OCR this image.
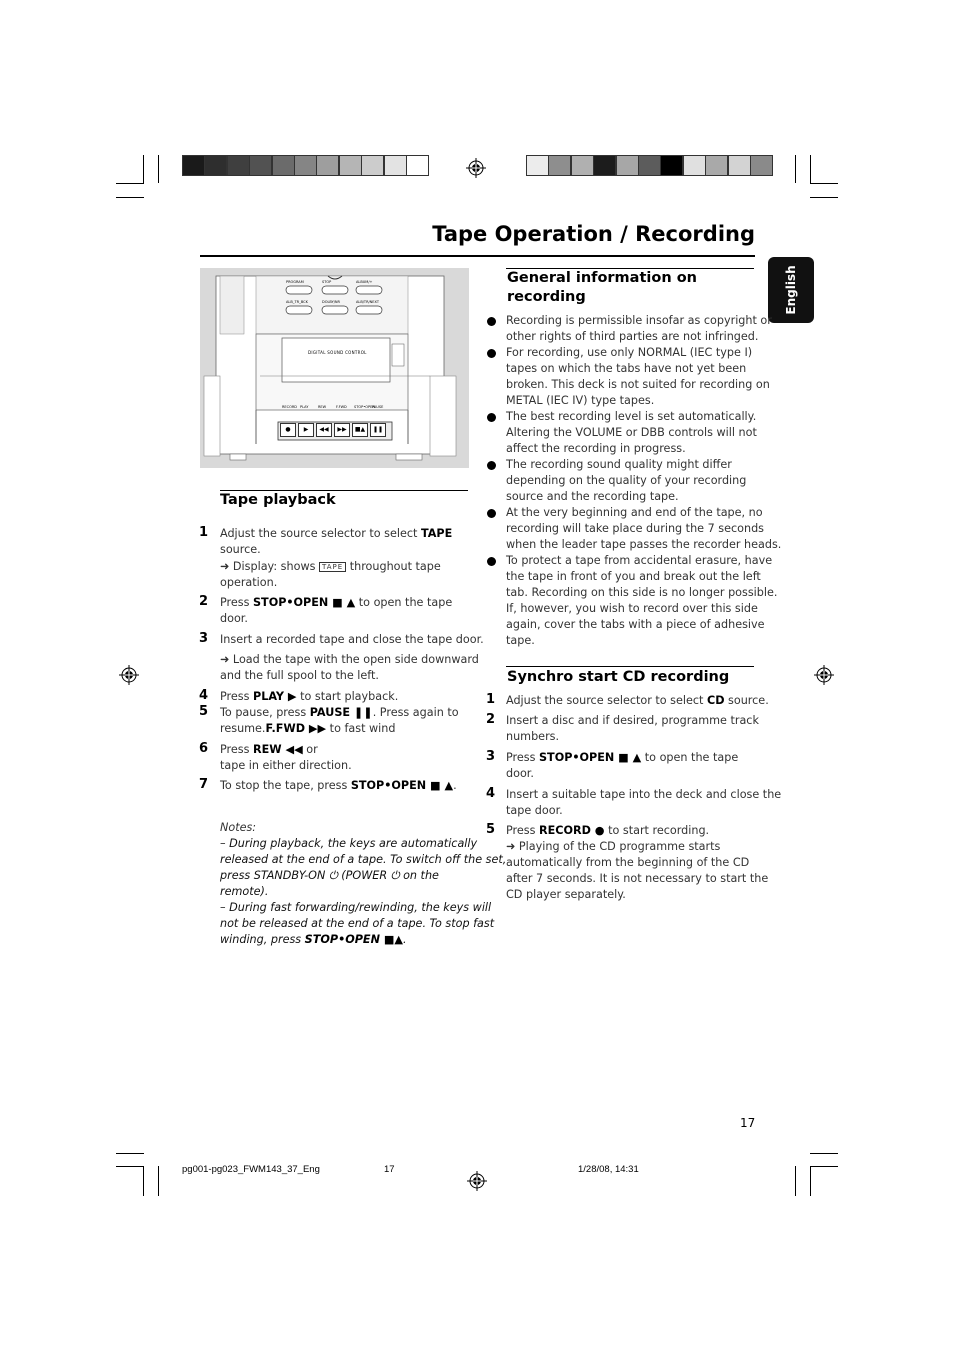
Tape Operation / Recording
English
PROGRAM	STOP	ALBUM/+
ALB_TR_BCK	DOLBY/NR	ALB/TR/NEXT
DIGITAL SOUND CONTROL
RECORD
●
PLAY
▶
REW
◀◀
F.FWD
▶▶
STOP•OPEN
■▲
PAUSE
❚❚
Tape playback
1 Adjust the source selector to select TAPE
source.
➜ Display: shows TAPE throughout tape
operation.
2 Press STOP•OPEN ■ ▲ to open the tape
door.
3 Insert a recorded tape and close the tape door.
➜ Load the tape with the open side downward
and the full spool to the left.
4 Press PLAY ▶ to start playback.
5 To pause, press PAUSE ❚❚. Press again to
resume.F.FWD ▶▶ to fast wind
6 Press REW ◀◀ or
tape in either direction.
7 To stop the tape, press STOP•OPEN ■ ▲.
Notes:
– During playback, the keys are automatically
released at the end of a tape. To switch off the set,
press STANDBY-ON ⏻ (POWER ⏻ on the
remote).
– During fast forwarding/rewinding, the keys will
not be released at the end of a tape. To stop fast
winding, press STOP•OPEN ■▲.
General information on
recording
Recording is permissible insofar as copyright or
other rights of third parties are not infringed.
For recording, use only NORMAL (IEC type I)
tapes on which the tabs have not yet been
broken. This deck is not suited for recording on
METAL (IEC IV) type tapes.
The best recording level is set automatically.
Altering the VOLUME or DBB controls will not
affect the recording in progress.
The recording sound quality might differ
depending on the quality of your recording
source and the recording tape.
At the very beginning and end of the tape, no
recording will take place during the 7 seconds
when the leader tape passes the recorder heads.
To protect a tape from accidental erasure, have
the tape in front of you and break out the left
tab. Recording on this side is no longer possible.
If, however, you wish to record over this side
again, cover the tabs with a piece of adhesive
tape.
Synchro start CD recording
1 Adjust the source selector to select CD source.
2 Insert a disc and if desired, programme track
numbers.
3 Press STOP•OPEN ■ ▲ to open the tape
door.
4 Insert a suitable tape into the deck and close the
tape door.
5 Press RECORD ● to start recording.
➜ Playing of the CD programme starts
automatically from the beginning of the CD
after 7 seconds. It is not necessary to start the
CD player separately.
17
pg001-pg023_FWM143_37_Eng	17	1/28/08, 14:31
